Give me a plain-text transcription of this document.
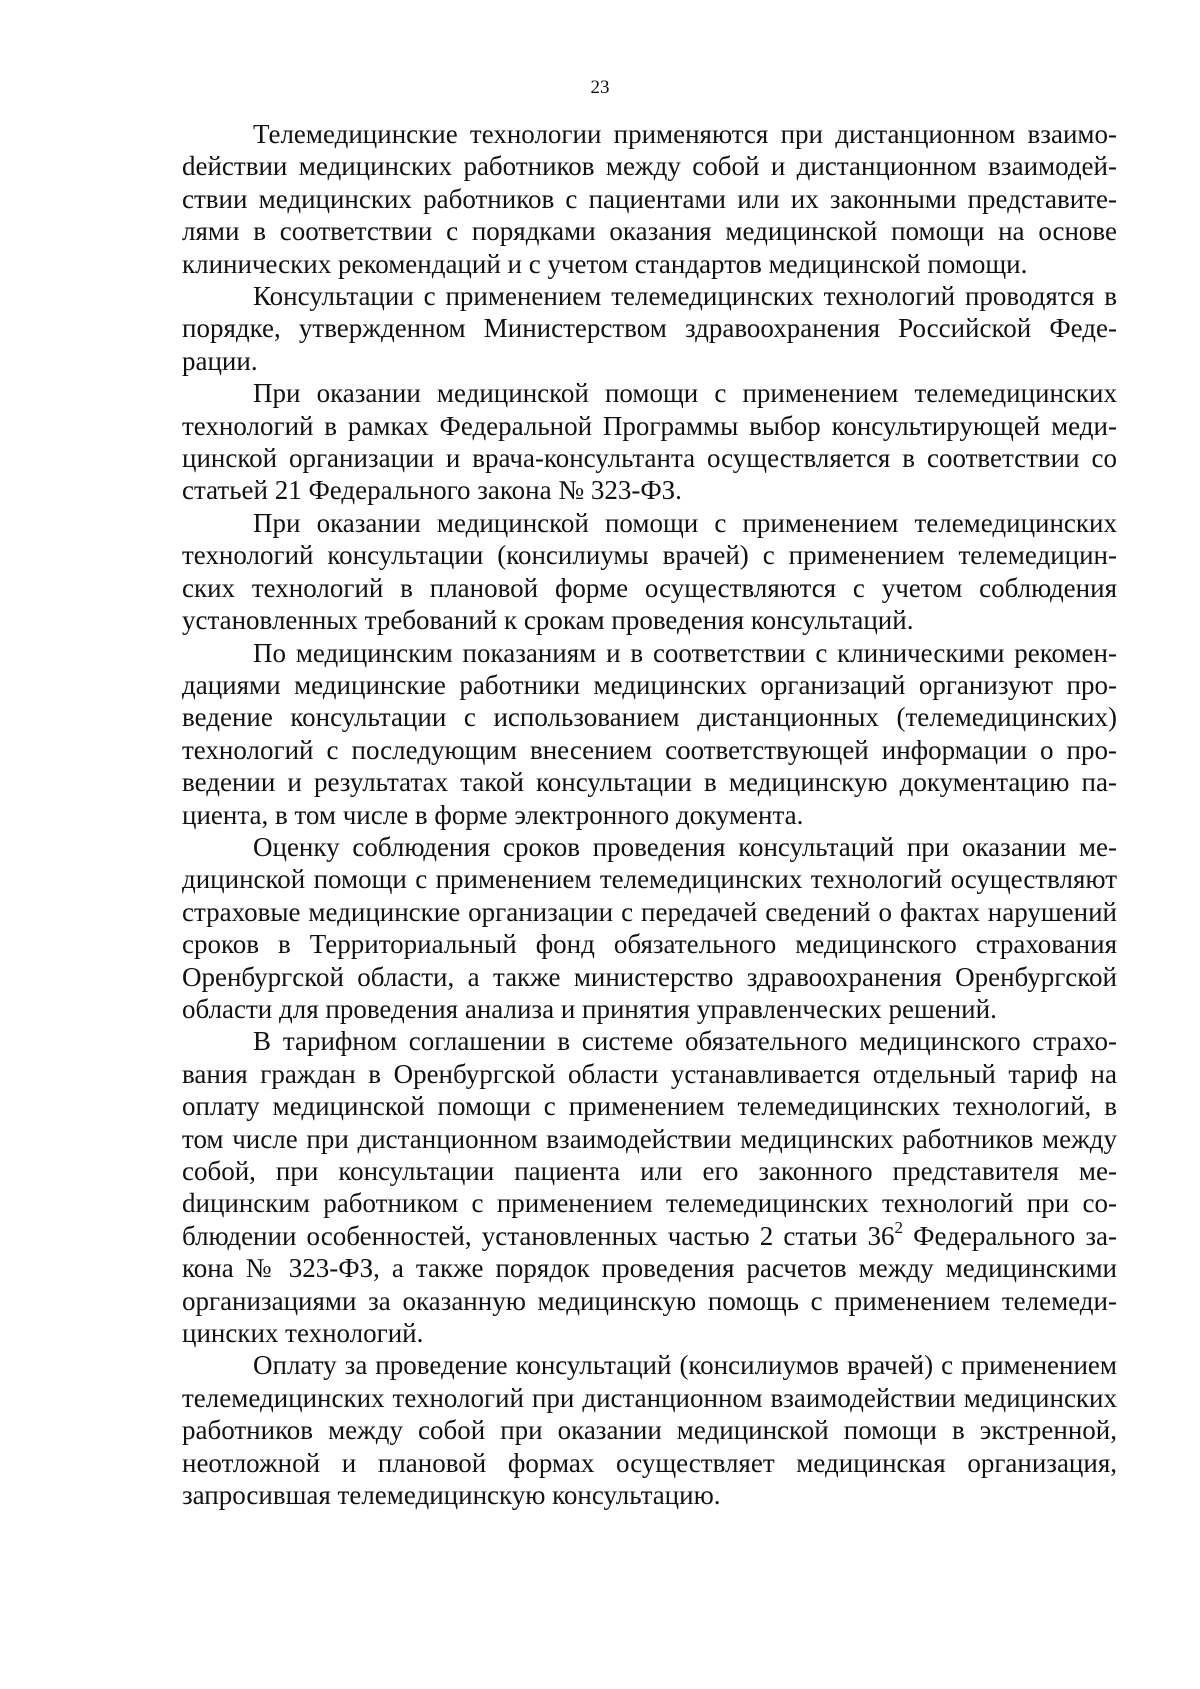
23

Телемедицинские технологии применяются при дистанционном взаимоdействии медицинских работников между собой и дистанционном взаимодействии медицинских работников с пациентами или их законными представителями в соответствии с порядками оказания медицинской помощи на основе клинических рекомендаций и с учетом стандартов медицинской помощи.

Консультации с применением телемедицинских технологий проводятся в порядке, утвержденном Министерством здравоохранения Российской Федерации.

При оказании медицинской помощи с применением телемедицинских технологий в рамках Федеральной Программы выбор консультирующей медицинской организации и врача-консультанта осуществляется в соответствии со статьей 21 Федерального закона № 323-ФЗ.

При оказании медицинской помощи с применением телемедицинских технологий консультации (консилиумы врачей) с применением телемедицинских технологий в плановой форме осуществляются с учетом соблюдения установленных требований к срокам проведения консультаций.

По медицинским показаниям и в соответствии с клиническими рекомендациями медицинские работники медицинских организаций организуют проведение консультации с использованием дистанционных (телемедицинских) технологий с последующим внесением соответствующей информации о проведении и результатах такой консультации в медицинскую документацию пациента, в том числе в форме электронного документа.

Оценку соблюдения сроков проведения консультаций при оказании медицинской помощи с применением телемедицинских технологий осуществляют страховые медицинские организации с передачей сведений о фактах нарушений сроков в Территориальный фонд обязательного медицинского страхования Оренбургской области, а также министерство здравоохранения Оренбургской области для проведения анализа и принятия управленческих решений.

В тарифном соглашении в системе обязательного медицинского страхования граждан в Оренбургской области устанавливается отдельный тариф на оплату медицинской помощи с применением телемедицинских технологий, в том числе при дистанционном взаимодействии медицинских работников между собой, при консультации пациента или его законного представителя меdицинским работником с применением телемедицинских технологий при соблюдении особенностей, установленных частью 2 статьи $36^2$ Федерального закона № 323-ФЗ, а также порядок проведения расчетов между медицинскими организациями за оказанную медицинскую помощь с применением телемедицинских технологий.

Оплату за проведение консультаций (консилиумов врачей) с применением телемедицинских технологий при дистанционном взаимодействии медицинских работников между собой при оказании медицинской помощи в экстренной, неотложной и плановой формах осуществляет медицинская организация, запросившая телемедицинскую консультацию.
